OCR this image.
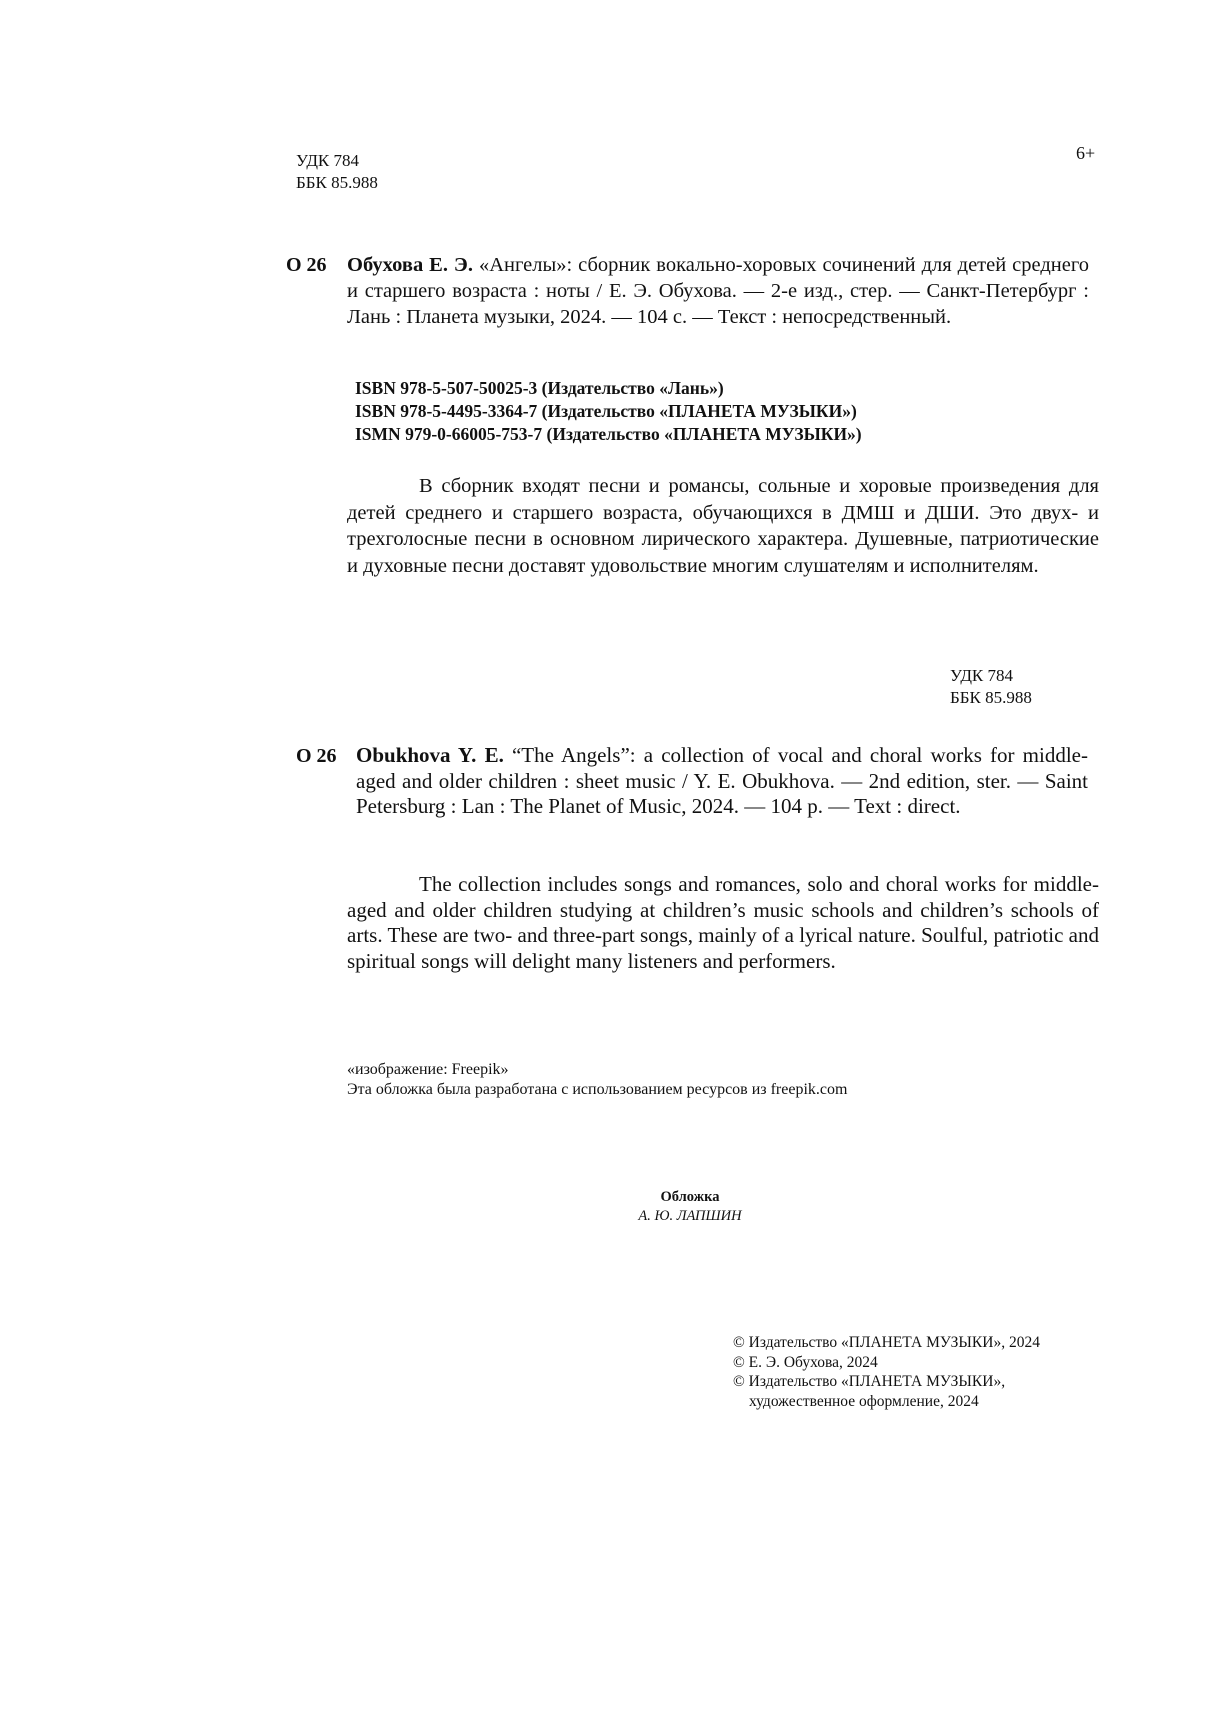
УДК 784
ББК 85.988
6+
О 26 Обухова Е. Э. «Ангелы»: сборник вокально-хоровых сочинений для детей среднего и старшего возраста : ноты / Е. Э. Обухова. — 2-е изд., стер. — Санкт-Петербург : Лань : Планета музыки, 2024. — 104 с. — Текст : непосредственный.
ISBN 978-5-507-50025-3 (Издательство «Лань»)
ISBN 978-5-4495-3364-7 (Издательство «ПЛАНЕТА МУЗЫКИ»)
ISMN 979-0-66005-753-7 (Издательство «ПЛАНЕТА МУЗЫКИ»)

В сборник входят песни и романсы, сольные и хоровые произведения для детей среднего и старшего возраста, обучающихся в ДМШ и ДШИ. Это двух- и трехголосные песни в основном лирического характера. Душевные, патриотические и духовные песни доставят удовольствие многим слушателям и исполнителям.

УДК 784
ББК 85.988
O 26 Obukhova Y. E. “The Angels”: a collection of vocal and choral works for middle-aged and older children : sheet music / Y. E. Obukhova. — 2nd edition, ster. — Saint Petersburg : Lan : The Planet of Music, 2024. — 104 p. — Text : direct.

The collection includes songs and romances, solo and choral works for middle-aged and older children studying at children’s music schools and children’s schools of arts. These are two- and three-part songs, mainly of a lyrical nature. Soulful, patriotic and spiritual songs will delight many listeners and performers.

«изображение: Freepik»
Эта обложка была разработана с использованием ресурсов из freepik.com
Обложка
А. Ю. ЛАПШИН
© Издательство «ПЛАНЕТА МУЗЫКИ», 2024
© Е. Э. Обухова, 2024
© Издательство «ПЛАНЕТА МУЗЫКИ»,
художественное оформление, 2024
